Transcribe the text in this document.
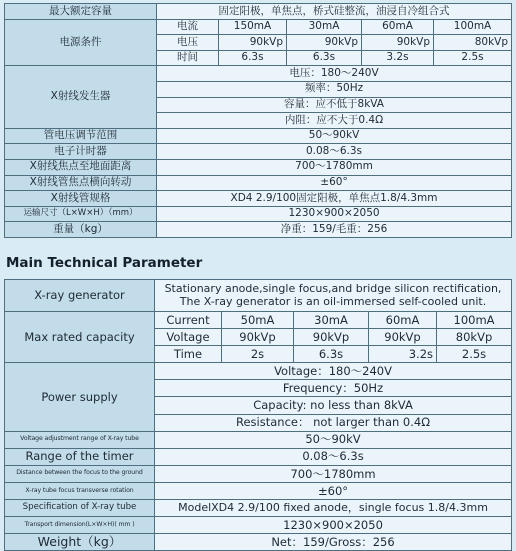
最大额定容量	固定阳极，单焦点，桥式硅整流，油浸自冷组合式				
电源条件	电流	150mA	30mA	60mA	100mA
	电压	90kVp	90kVp	90kVp	80kVp
	时间	6.3s	6.3s	3.2s	2.5s
X射线发生器	电压：180～240V				
	频率：50Hz				
	容量：应不低于8kVA				
	内阻：应不大于0.4Ω				
管电压调节范围	50～90kV				
电子计时器	0.08～6.3s				
X射线焦点至地面距离	700～1780mm				
X射线管焦点横向转动	±60°				
X射线管规格	XD4 2.9/100固定阳极，单焦点1.8/4.3mm				
运输尺寸（L×W×H）（mm）	1230×900×2050				
重量（kg）	净重：159/毛重：256				
Main Technical Parameter
X-ray generator	Stationary anode,single focus,and bridge silicon rectification,
The X-ray generator is an oil-immersed self-cooled unit.				

Max rated capacity	Current	50mA	30mA	60mA	100mA
	Voltage	90kVp	90kVp	90kVp	80kVp
	Time	2s	6.3s	3.2s	2.5s
Power supply	Voltage：180～240V				
	Frequency：50Hz				
	Capacity: no less than 8kVA				
	Resistance： not larger than 0.4Ω				
Voltage adjustment range of X-ray tube	50～90kV				
Range of the timer	0.08～6.3s				
Distance between the focus to the ground	700～1780mm				
X-ray tube focus transverse rotation	±60°				
Specification of X-ray tube	ModelXD4 2.9/100 fixed anode，single focus 1.8/4.3mm				
Transport dimension(L×W×H)( mm )	1230×900×2050				
Weight（kg）	Net：159/Gross：256				
